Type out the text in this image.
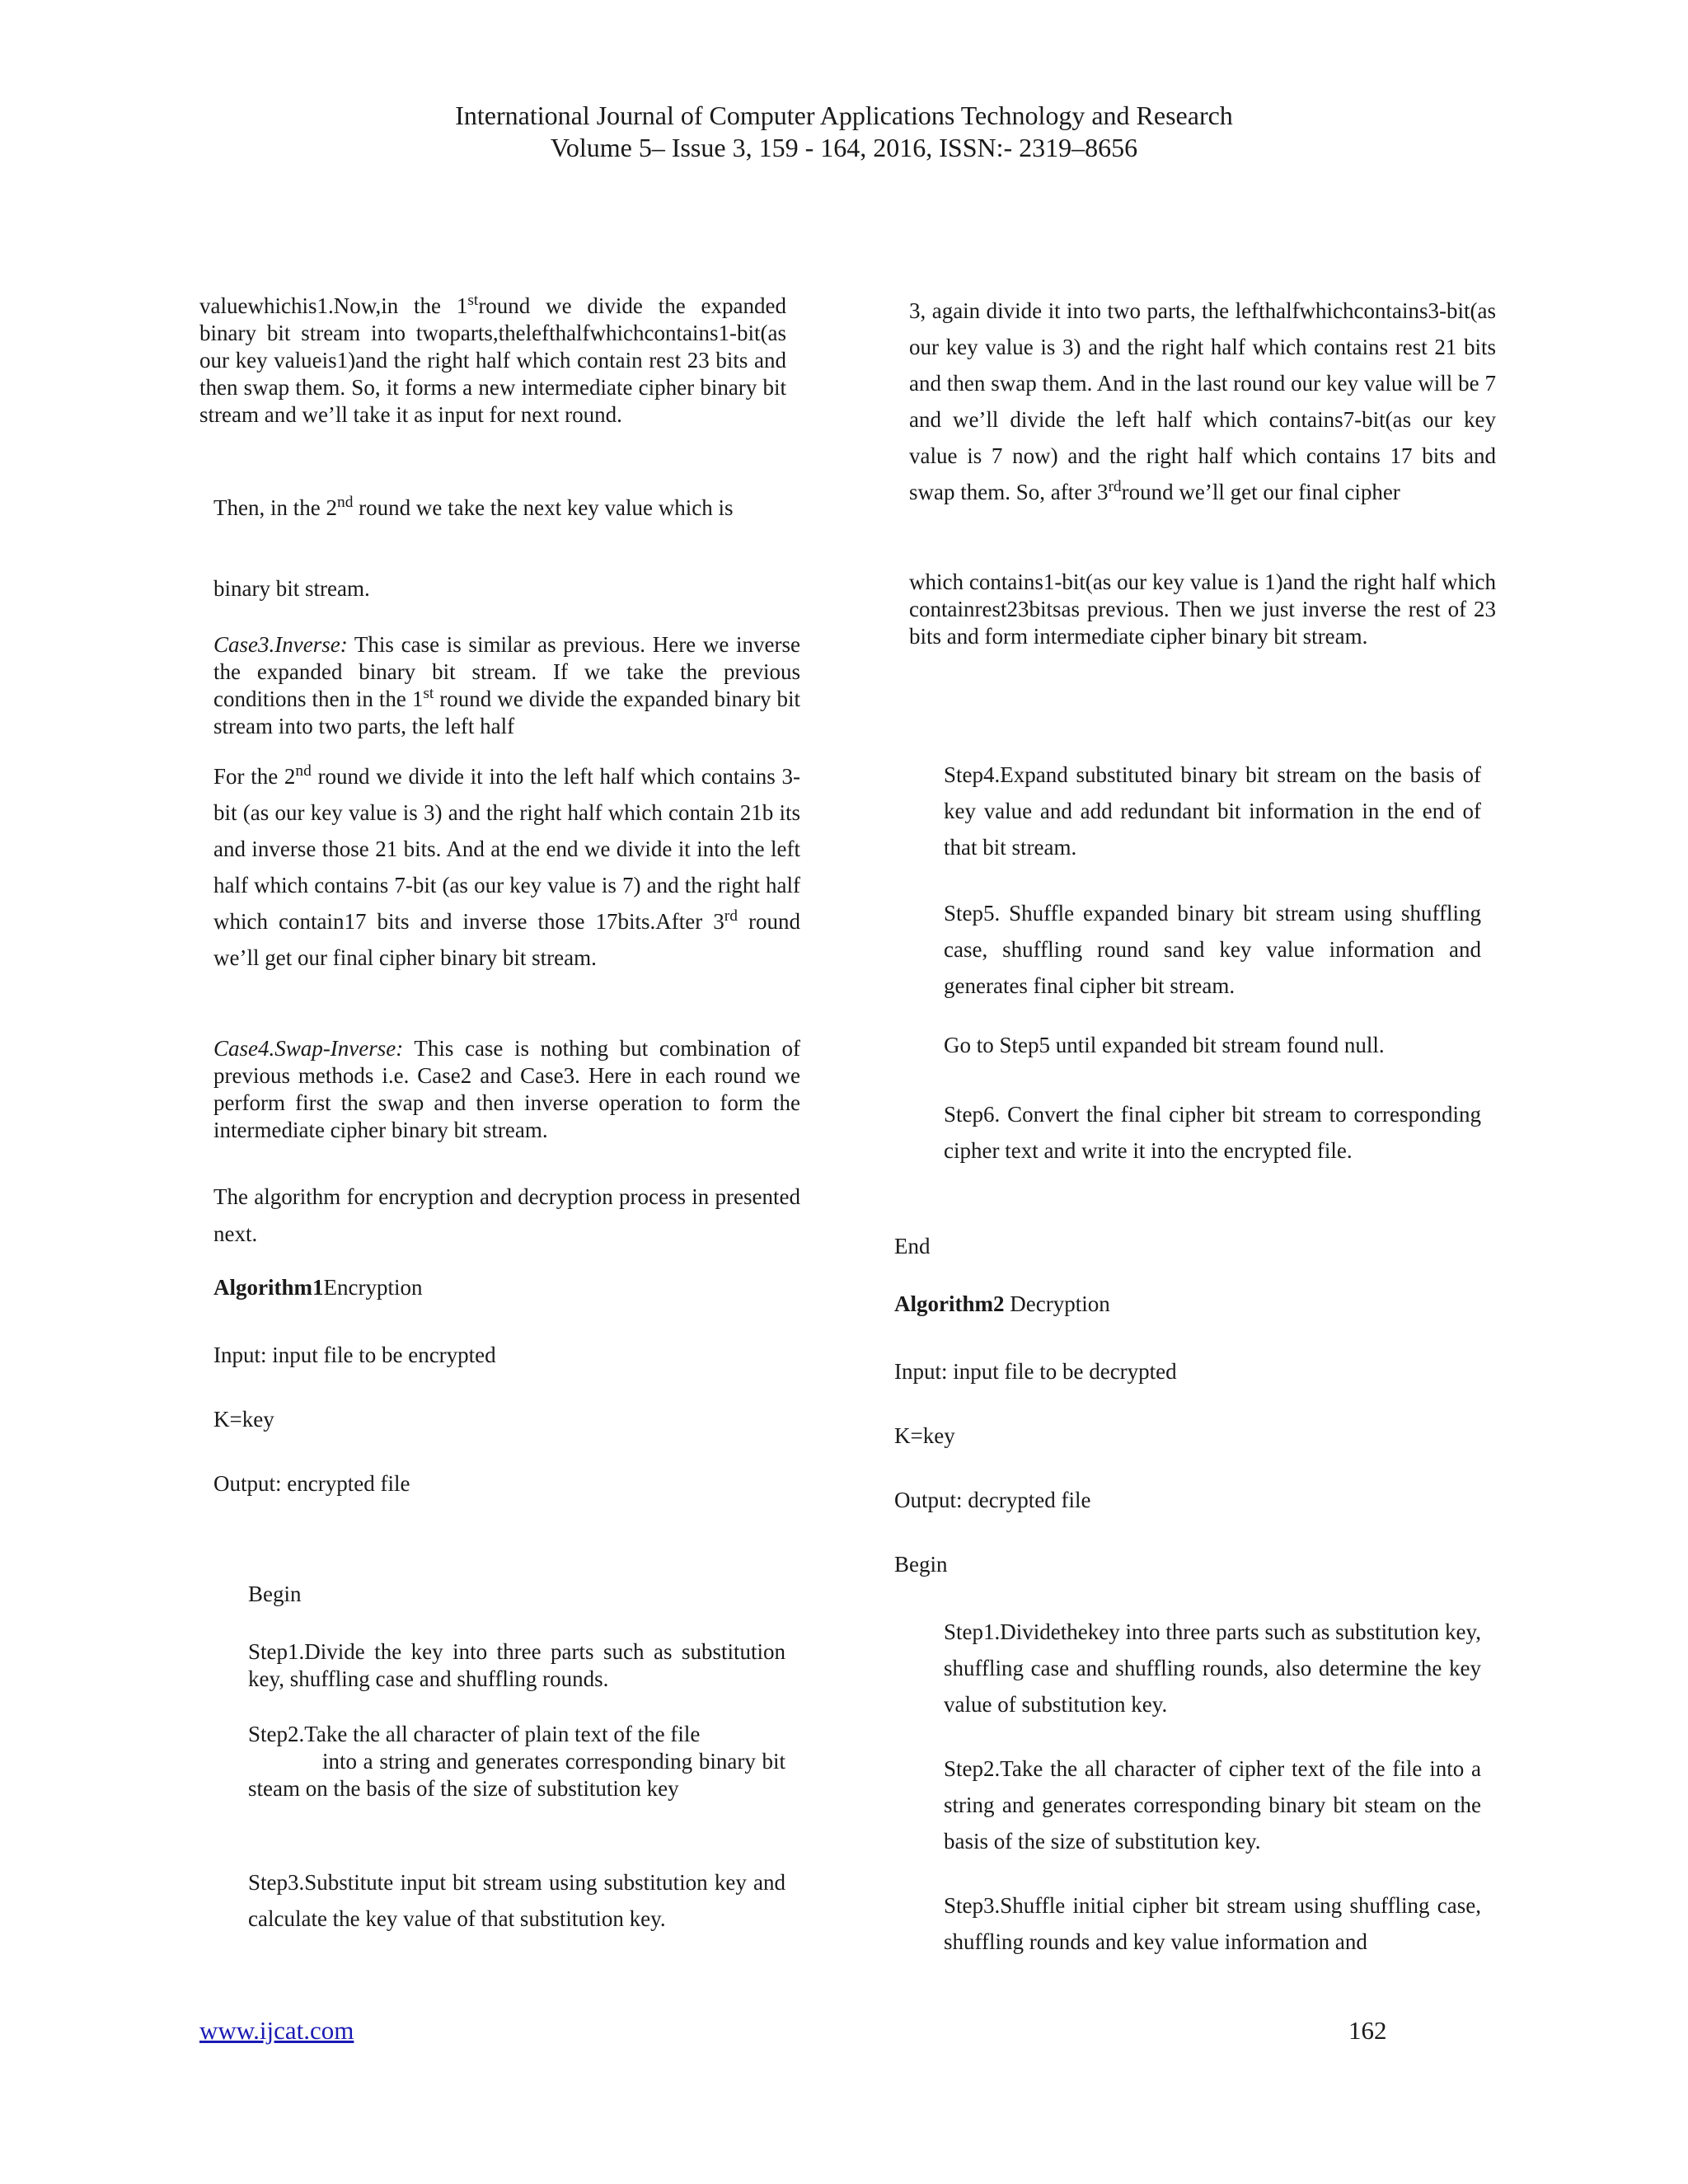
International Journal of Computer Applications Technology and Research
Volume 5– Issue 3, 159 - 164, 2016, ISSN:- 2319–8656
valuewhichis1.Now,in the 1stround we divide the expanded binary bit stream into twoparts,thelefthalfwhichcontains1-bit(as our key valueis1)and the right half which contain rest 23 bits and then swap them. So, it forms a new intermediate cipher binary bit stream and we’ll take it as input for next round.
Then, in the 2nd round we take the next key value which is
binary bit stream.
Case3.Inverse: This case is similar as previous. Here we inverse the expanded binary bit stream. If we take the previous conditions then in the 1st round we divide the expanded binary bit stream into two parts, the left half
For the 2nd round we divide it into the left half which contains 3-bit (as our key value is 3) and the right half which contain 21b its and inverse those 21 bits. And at the end we divide it into the left half which contains 7-bit (as our key value is 7) and the right half which contain17 bits and inverse those 17bits.After 3rd round we’ll get our final cipher binary bit stream.
Case4.Swap-Inverse: This case is nothing but combination of previous methods i.e. Case2 and Case3. Here in each round we perform first the swap and then inverse operation to form the intermediate cipher binary bit stream.
The algorithm for encryption and decryption process in presented next.
Algorithm1Encryption
Input: input file to be encrypted
K=key
Output: encrypted file
Begin
Step1.Divide the key into three parts such as substitution key, shuffling case and shuffling rounds.
Step2.Take the all character of plain text of the file
into a string and generates corresponding binary bit steam on the basis of the size of substitution key
Step3.Substitute input bit stream using substitution key and calculate the key value of that substitution key.
3, again divide it into two parts, the lefthalfwhichcontains3-bit(as our key value is 3) and the right half which contains rest 21 bits and then swap them. And in the last round our key value will be 7 and we’ll divide the left half which contains7-bit(as our key value is 7 now) and the right half which contains 17 bits and swap them. So, after 3rdround we’ll get our final cipher
which contains1-bit(as our key value is 1)and the right half which containrest23bitsas previous. Then we just inverse the rest of 23 bits and form intermediate cipher binary bit stream.
Step4.Expand substituted binary bit stream on the basis of key value and add redundant bit information in the end of that bit stream.
Step5. Shuffle expanded binary bit stream using shuffling case, shuffling round sand key value information and generates final cipher bit stream.
Go to Step5 until expanded bit stream found null.
Step6. Convert the final cipher bit stream to corresponding cipher text and write it into the encrypted file.
End
Algorithm2 Decryption
Input: input file to be decrypted
K=key
Output: decrypted file
Begin
Step1.Dividethekey into three parts such as substitution key, shuffling case and shuffling rounds, also determine the key value of substitution key.
Step2.Take the all character of cipher text of the file into a string and generates corresponding binary bit steam on the basis of the size of substitution key.
Step3.Shuffle initial cipher bit stream using shuffling case, shuffling rounds and key value information and
www.ijcat.com	162
